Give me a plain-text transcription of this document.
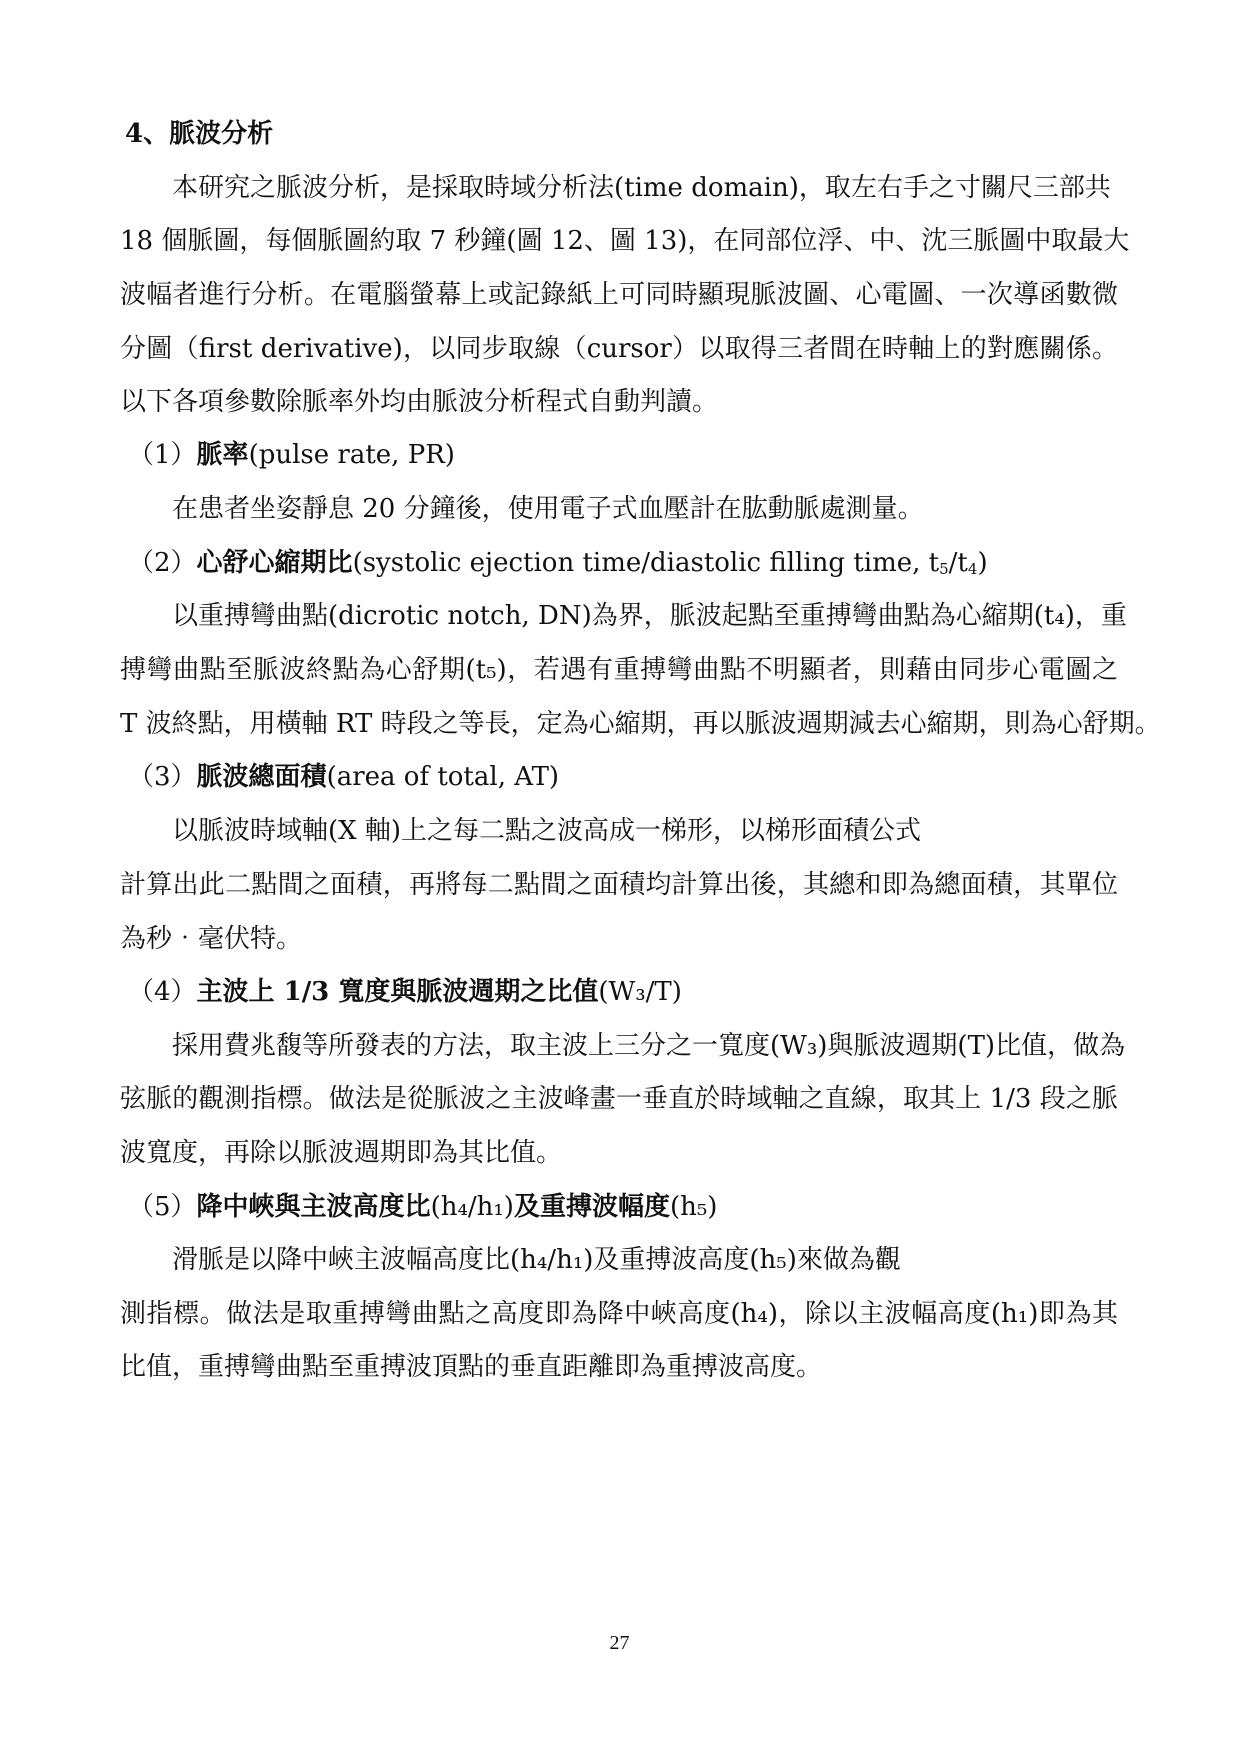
4、脈波分析
本研究之脈波分析，是採取時域分析法(time domain)，取左右手之寸關尺三部共
18 個脈圖，每個脈圖約取 7 秒鐘(圖 12、圖 13)，在同部位浮、中、沈三脈圖中取最大
波幅者進行分析。在電腦螢幕上或記錄紙上可同時顯現脈波圖、心電圖、一次導函數微
分圖（first derivative)，以同步取線（cursor）以取得三者間在時軸上的對應關係。
以下各項參數除脈率外均由脈波分析程式自動判讀。
（1）脈率(pulse rate, PR)
在患者坐姿靜息 20 分鐘後，使用電子式血壓計在肱動脈處測量。
（2）心舒心縮期比(systolic ejection time/diastolic filling time, $t_5/t_4$)
以重搏彎曲點(dicrotic notch, DN)為界，脈波起點至重搏彎曲點為心縮期(t₄)，重
搏彎曲點至脈波終點為心舒期(t₅)，若遇有重搏彎曲點不明顯者，則藉由同步心電圖之
T 波終點，用橫軸 RT 時段之等長，定為心縮期，再以脈波週期減去心縮期，則為心舒期。
（3）脈波總面積(area of total, AT)
以脈波時域軸(X 軸)上之每二點之波高成一梯形，以梯形面積公式
計算出此二點間之面積，再將每二點間之面積均計算出後，其總和即為總面積，其單位
為秒‧毫伏特。
（4）主波上 1/3 寬度與脈波週期之比值(W₃/T)
採用費兆馥等所發表的方法，取主波上三分之一寬度(W₃)與脈波週期(T)比值，做為
弦脈的觀測指標。做法是從脈波之主波峰畫一垂直於時域軸之直線，取其上 1/3 段之脈
波寬度，再除以脈波週期即為其比值。
（5）降中峽與主波高度比(h₄/h₁)及重搏波幅度(h₅)
滑脈是以降中峽主波幅高度比(h₄/h₁)及重搏波高度(h₅)來做為觀
測指標。做法是取重搏彎曲點之高度即為降中峽高度(h₄)，除以主波幅高度(h₁)即為其
比值，重搏彎曲點至重搏波頂點的垂直距離即為重搏波高度。
27
